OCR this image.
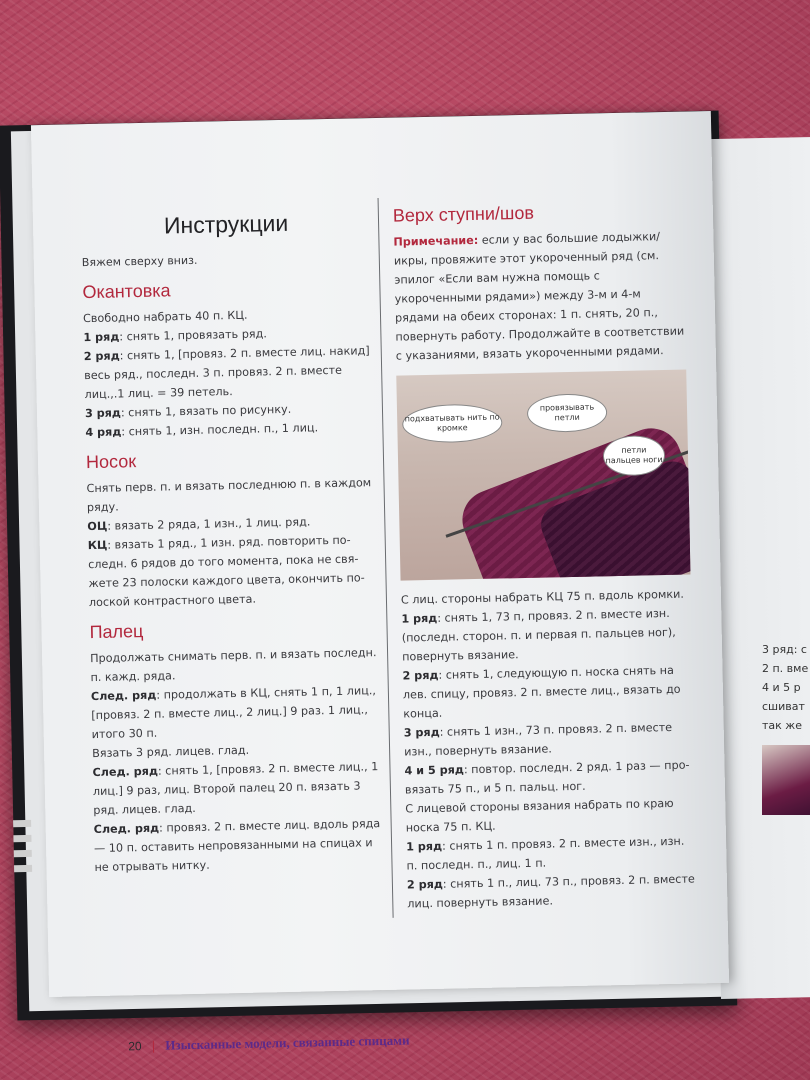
Инструкции

Вяжем сверху вниз.

Окантовка

Свободно набрать 40 п. КЦ.

1 ряд: снять 1, провязать ряд.

2 ряд: снять 1, [провяз. 2 п. вместе лиц. накид] весь ряд., последн. 3 п. провяз. 2 п. вместе лиц.,.1 лиц. = 39 петель.

3 ряд: снять 1, вязать по рисунку.

4 ряд: снять 1, изн. последн. п., 1 лиц.

Носок

Снять перв. п. и вязать последнюю п. в каждом ряду.

ОЦ: вязать 2 ряда, 1 изн., 1 лиц. ряд.

КЦ: вязать 1 ряд., 1 изн. ряд. повторить по-следн. 6 рядов до того момента, пока не свя-жете 23 полоски каждого цвета, окончить по-лоской контрастного цвета.

Палец

Продолжать снимать перв. п. и вязать последн. п. кажд. ряда.

След. ряд: продолжать в КЦ, снять 1 п, 1 лиц., [провяз. 2 п. вместе лиц., 2 лиц.] 9 раз. 1 лиц., итого 30 п.

Вязать 3 ряд. лицев. глад.

След. ряд: снять 1, [провяз. 2 п. вместе лиц., 1 лиц.] 9 раз, лиц. Второй палец 20 п. вязать 3 ряд. лицев. глад.

След. ряд: провяз. 2 п. вместе лиц. вдоль ряда — 10 п. оставить непровязанными на спицах и не отрывать нитку.

Верх ступни/шов

Примечание: если у вас большие лодыжки/икры, провяжите этот укороченный ряд (см. эпилог «Если вам нужна помощь с укороченными рядами») между 3-м и 4-м рядами на обеих сторонах: 1 п. снять, 20 п., повернуть работу. Продолжайте в соответствии с указаниями, вязать укороченными рядами.

подхватывать нить по кромке
провязывать петли
петли пальцев ноги

С лиц. стороны набрать КЦ 75 п. вдоль кромки.

1 ряд: снять 1, 73 п, провяз. 2 п. вместе изн. (последн. сторон. п. и первая п. пальцев ног), повернуть вязание.

2 ряд: снять 1, следующую п. носка снять на лев. спицу, провяз. 2 п. вместе лиц., вязать до конца.

3 ряд: снять 1 изн., 73 п. провяз. 2 п. вместе изн., повернуть вязание.

4 и 5 ряд: повтор. последн. 2 ряд. 1 раз — про-вязать 75 п., и 5 п. пальц. ног.

С лицевой стороны вязания набрать по краю носка 75 п. КЦ.

1 ряд: снять 1 п. провяз. 2 п. вместе изн., изн. п. последн. п., лиц. 1 п.

2 ряд: снять 1 п., лиц. 73 п., провяз. 2 п. вместе лиц. повернуть вязание.

20 | Изысканные модели, связанные спицами
3 ряд: с
2 п. вме
4 и 5 р
сшиват
так же
